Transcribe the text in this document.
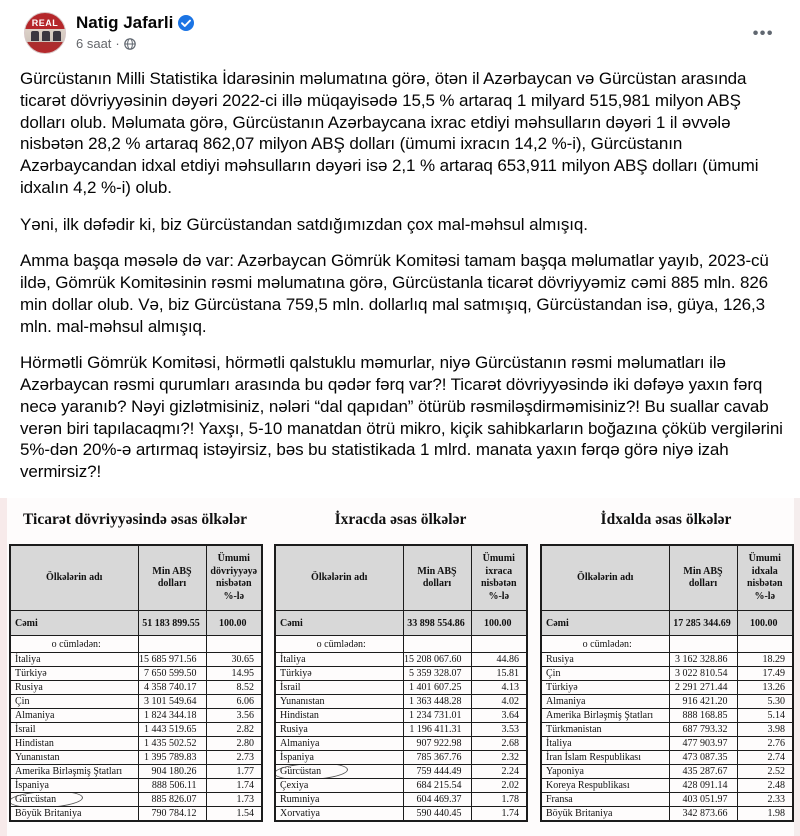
REAL	Natig Jafarli
6 saat ·
•••

Gürcüstanın Milli Statistika İdarəsinin məlumatına görə, ötən il Azərbaycan və Gürcüstan arasında ticarət dövriyyəsinin dəyəri 2022-ci illə müqayisədə 15,5 % artaraq 1 milyard 515,981 milyon ABŞ dolları olub. Məlumata görə, Gürcüstanın Azərbaycana ixrac etdiyi məhsulların dəyəri 1 il əvvələ nisbətən 28,2 % artaraq 862,07 milyon ABŞ dolları (ümumi ixracın 14,2 %-i), Gürcüstanın Azərbaycandan idxal etdiyi məhsulların dəyəri isə 2,1 % artaraq 653,911 milyon ABŞ dolları (ümumi idxalın 4,2 %-i) olub.

Yəni, ilk dəfədir ki, biz Gürcüstandan satdığımızdan çox mal-məhsul almışıq.

Amma başqa məsələ də var: Azərbaycan Gömrük Komitəsi tamam başqa məlumatlar yayıb, 2023-cü ildə, Gömrük Komitəsinin rəsmi məlumatına görə, Gürcüstanla ticarət dövriyyəmiz cəmi 885 mln. 826 min dollar olub. Və, biz Gürcüstana 759,5 mln. dollarlıq mal satmışıq, Gürcüstandan isə, güya, 126,3 mln. mal-məhsul almışıq.

Hörmətli Gömrük Komitəsi, hörmətli qalstuklu məmurlar, niyə Gürcüstanın rəsmi məlumatları ilə Azərbaycan rəsmi qurumları arasında bu qədər fərq var?! Ticarət dövriyyəsində iki dəfəyə yaxın fərq necə yaranıb? Nəyi gizlətmisiniz, nələri “dal qapıdan” ötürüb rəsmiləşdirməmisiniz?! Bu suallar cavab verən biri tapılacaqmı?! Yaxşı, 5-10 manatdan ötrü mikro, kiçik sahibkarların boğazına çöküb vergilərini 5%-dən 20%-ə artırmaq istəyirsiz, bəs bu statistikada 1 mlrd. manata yaxın fərqə görə niyə izah vermirsiz?!

Ticarət dövriyyəsində əsas ölkələr
Ölkələrin adı	Min ABŞ dolları	Ümumi dövriyyəyə nisbətən %-lə
Cəmi	51 183 899.55	100.00
o cümlədən:		
İtaliya	15 685 971.56	30.65
Türkiyə	7 650 599.50	14.95
Rusiya	4 358 740.17	8.52
Çin	3 101 549.64	6.06
Almaniya	1 824 344.18	3.56
İsrail	1 443 519.65	2.82
Hindistan	1 435 502.52	2.80
Yunanıstan	1 395 789.83	2.73
Amerika Birləşmiş Ştatları	904 180.26	1.77
İspaniya	888 506.11	1.74
Gürcüstan	885 826.07	1.73
Böyük Britaniya	790 784.12	1.54
İxracda əsas ölkələr
Ölkələrin adı	Min ABŞ dolları	Ümumi ixraca nisbətən %-lə
Cəmi	33 898 554.86	100.00
o cümlədən:		
İtaliya	15 208 067.60	44.86
Türkiyə	5 359 328.07	15.81
İsrail	1 401 607.25	4.13
Yunanıstan	1 363 448.28	4.02
Hindistan	1 234 731.01	3.64
Rusiya	1 196 411.31	3.53
Almaniya	907 922.98	2.68
İspaniya	785 367.76	2.32
Gürcüstan	759 444.49	2.24
Çexiya	684 215.54	2.02
Rumıniya	604 469.37	1.78
Xorvatiya	590 440.45	1.74
İdxalda əsas ölkələr
Ölkələrin adı	Min ABŞ dolları	Ümumi idxala nisbətən %-lə
Cəmi	17 285 344.69	100.00
o cümlədən:		
Rusiya	3 162 328.86	18.29
Çin	3 022 810.54	17.49
Türkiyə	2 291 271.44	13.26
Almaniya	916 421.20	5.30
Amerika Birləşmiş Ştatları	888 168.85	5.14
Türkmənistan	687 793.32	3.98
İtaliya	477 903.97	2.76
İran İslam Respublikası	473 087.35	2.74
Yaponiya	435 287.67	2.52
Koreya Respublikası	428 091.14	2.48
Fransa	403 051.97	2.33
Böyük Britaniya	342 873.66	1.98
